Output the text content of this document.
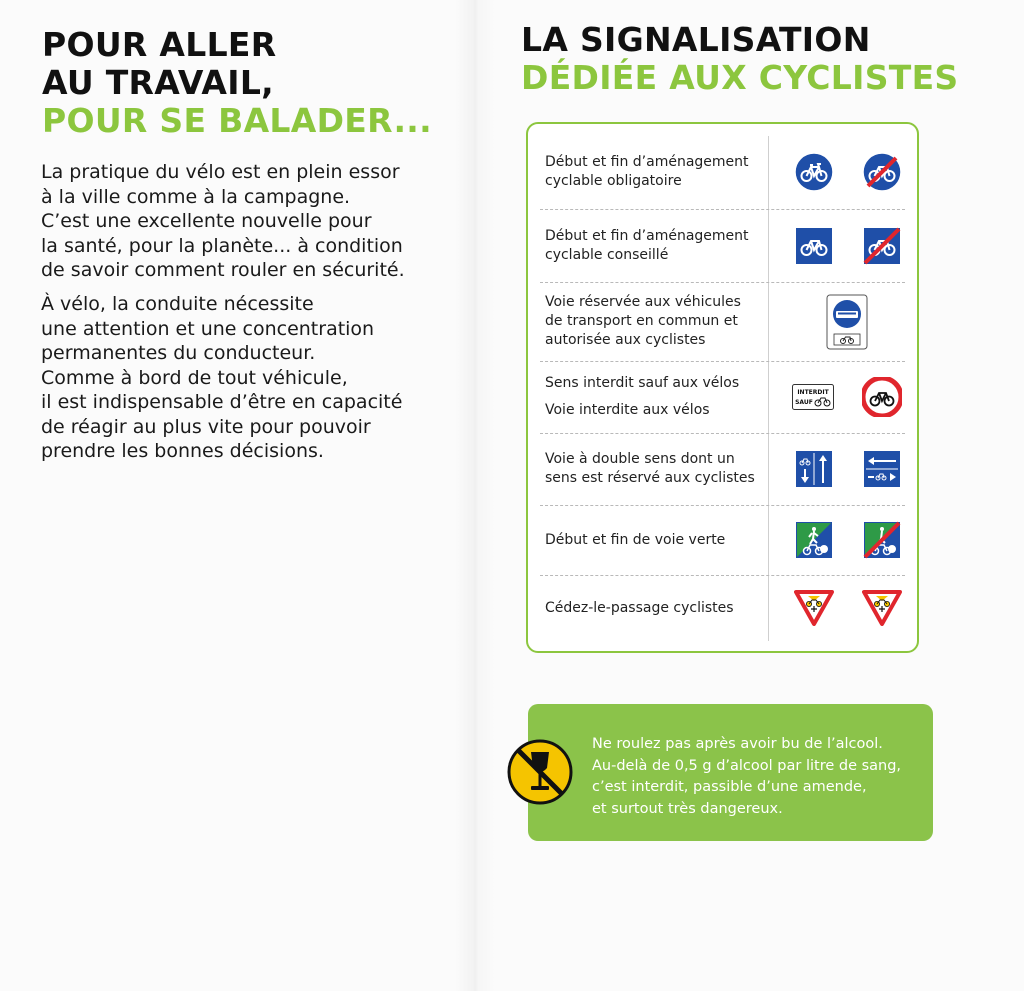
POUR ALLER
AU TRAVAIL,
POUR SE BALADER...

La pratique du vélo est en plein essor
à la ville comme à la campagne.
C’est une excellente nouvelle pour
la santé, pour la planète... à condition
de savoir comment rouler en sécurité.

À vélo, la conduite nécessite
une attention et une concentration
permanentes du conducteur.
Comme à bord de tout véhicule,
il est indispensable d’être en capacité
de réagir au plus vite pour pouvoir
prendre les bonnes décisions.

LA SIGNALISATION
DÉDIÉE AUX CYCLISTES

Début et fin d’aménagement
cyclable obligatoire

Début et fin d’aménagement
cyclable conseillé

Voie réservée aux véhicules
de transport en commun et
autorisée aux cyclistes

Sens interdit sauf aux vélos

Voie interdite aux vélos

INTERDIT
SAUF

Voie à double sens dont un
sens est réservé aux cyclistes

Début et fin de voie verte

Cédez-le-passage cyclistes

Ne roulez pas après avoir bu de l’alcool.
Au-delà de 0,5 g d’alcool par litre de sang,
c’est interdit, passible d’une amende,
et surtout très dangereux.
